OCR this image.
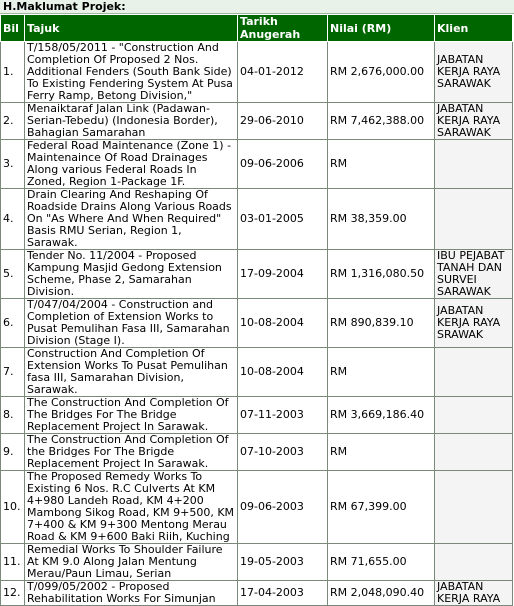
H.Maklumat Projek:
Bil	Tajuk	Tarikh Anugerah	Nilai (RM)	Klien
1.	T/158/05/2011 - "Construction And Completion Of Proposed 2 Nos. Additional Fenders (South Bank Side) To Existing Fendering System At Pusa Ferry Ramp, Betong Division,"	04-01-2012	RM 2,676,000.00	JABATAN KERJA RAYA SARAWAK
2.	Menaiktaraf Jalan Link (Padawan-Serian-Tebedu) (Indonesia Border), Bahagian Samarahan	29-06-2010	RM 7,462,388.00	JABATAN KERJA RAYA SARAWAK
3.	Federal Road Maintenance (Zone 1) - Maintenaince Of Road Drainages Along various Federal Roads In Zoned, Region 1-Package 1F.	09-06-2006	RM	
4.	Drain Clearing And Reshaping Of Roadside Drains Along Various Roads On "As Where And When Required" Basis RMU Serian, Region 1, Sarawak.	03-01-2005	RM 38,359.00	
5.	Tender No. 11/2004 - Proposed Kampung Masjid Gedong Extension Scheme, Phase 2, Samarahan Division.	17-09-2004	RM 1,316,080.50	IBU PEJABAT TANAH DAN SURVEI SARAWAK
6.	T/047/04/2004 - Construction and Completion of Extension Works to Pusat Pemulihan Fasa III, Samarahan Division (Stage I).	10-08-2004	RM 890,839.10	JABATAN KERJA RAYA SRAWAK
7.	Construction And Completion Of Extension Works To Pusat Pemulihan fasa III, Samarahan Division, Sarawak.	10-08-2004	RM	
8.	The Construction And Completion Of The Bridges For The Bridge Replacement Project In Sarawak.	07-11-2003	RM 3,669,186.40	
9.	The Construction And Completion Of the Bridges For The Brigde Replacement Project In Sarawak.	07-10-2003	RM	
10.	The Proposed Remedy Works To Existing 6 Nos. R.C Culverts At KM 4+980 Landeh Road, KM 4+200 Mambong Sikog Road, KM 9+500, KM 7+400 & KM 9+300 Mentong Merau Road & KM 9+600 Baki Riih, Kuching	09-06-2003	RM 67,399.00	
11.	Remedial Works To Shoulder Failure At KM 9.0 Along Jalan Mentung Merau/Paun Limau, Serian	19-05-2003	RM 71,655.00	
12.	T/099/05/2002 - Proposed Rehabilitation Works For Simunjan	17-04-2003	RM 2,048,090.40	JABATAN KERJA RAYA
